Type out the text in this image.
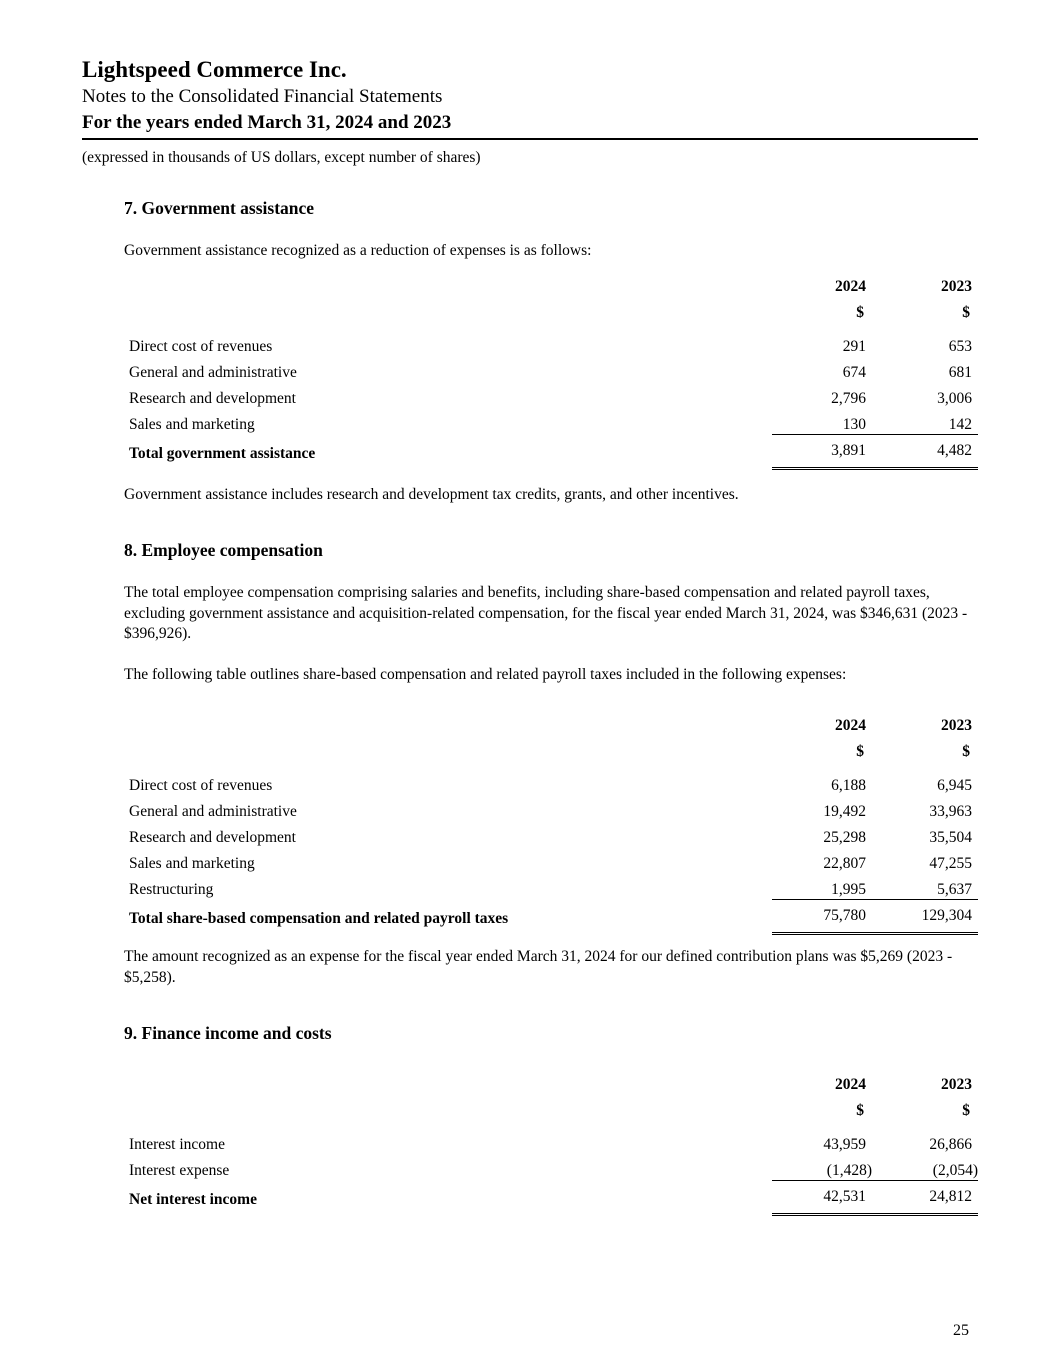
Lightspeed Commerce Inc.
Notes to the Consolidated Financial Statements
For the years ended March 31, 2024 and 2023
(expressed in thousands of US dollars, except number of shares)
7. Government assistance

Government assistance recognized as a reduction of expenses is as follows:

2024	2023
$	$
Direct cost of revenues	291	653
General and administrative	674	681
Research and development	2,796	3,006
Sales and marketing	130	142
Total government assistance	3,891	4,482

Government assistance includes research and development tax credits, grants, and other incentives.

8. Employee compensation

The total employee compensation comprising salaries and benefits, including share-based compensation and related payroll taxes, excluding government assistance and acquisition-related compensation, for the fiscal year ended March 31, 2024, was $346,631 (2023 - $396,926).

The following table outlines share-based compensation and related payroll taxes included in the following expenses:

2024	2023
$	$
Direct cost of revenues	6,188	6,945
General and administrative	19,492	33,963
Research and development	25,298	35,504
Sales and marketing	22,807	47,255
Restructuring	1,995	5,637
Total share-based compensation and related payroll taxes	75,780	129,304

The amount recognized as an expense for the fiscal year ended March 31, 2024 for our defined contribution plans was $5,269 (2023 - $5,258).

9. Finance income and costs
2024	2023
$	$
Interest income	43,959	26,866
Interest expense	(1,428)	(2,054)
Net interest income	42,531	24,812
25
